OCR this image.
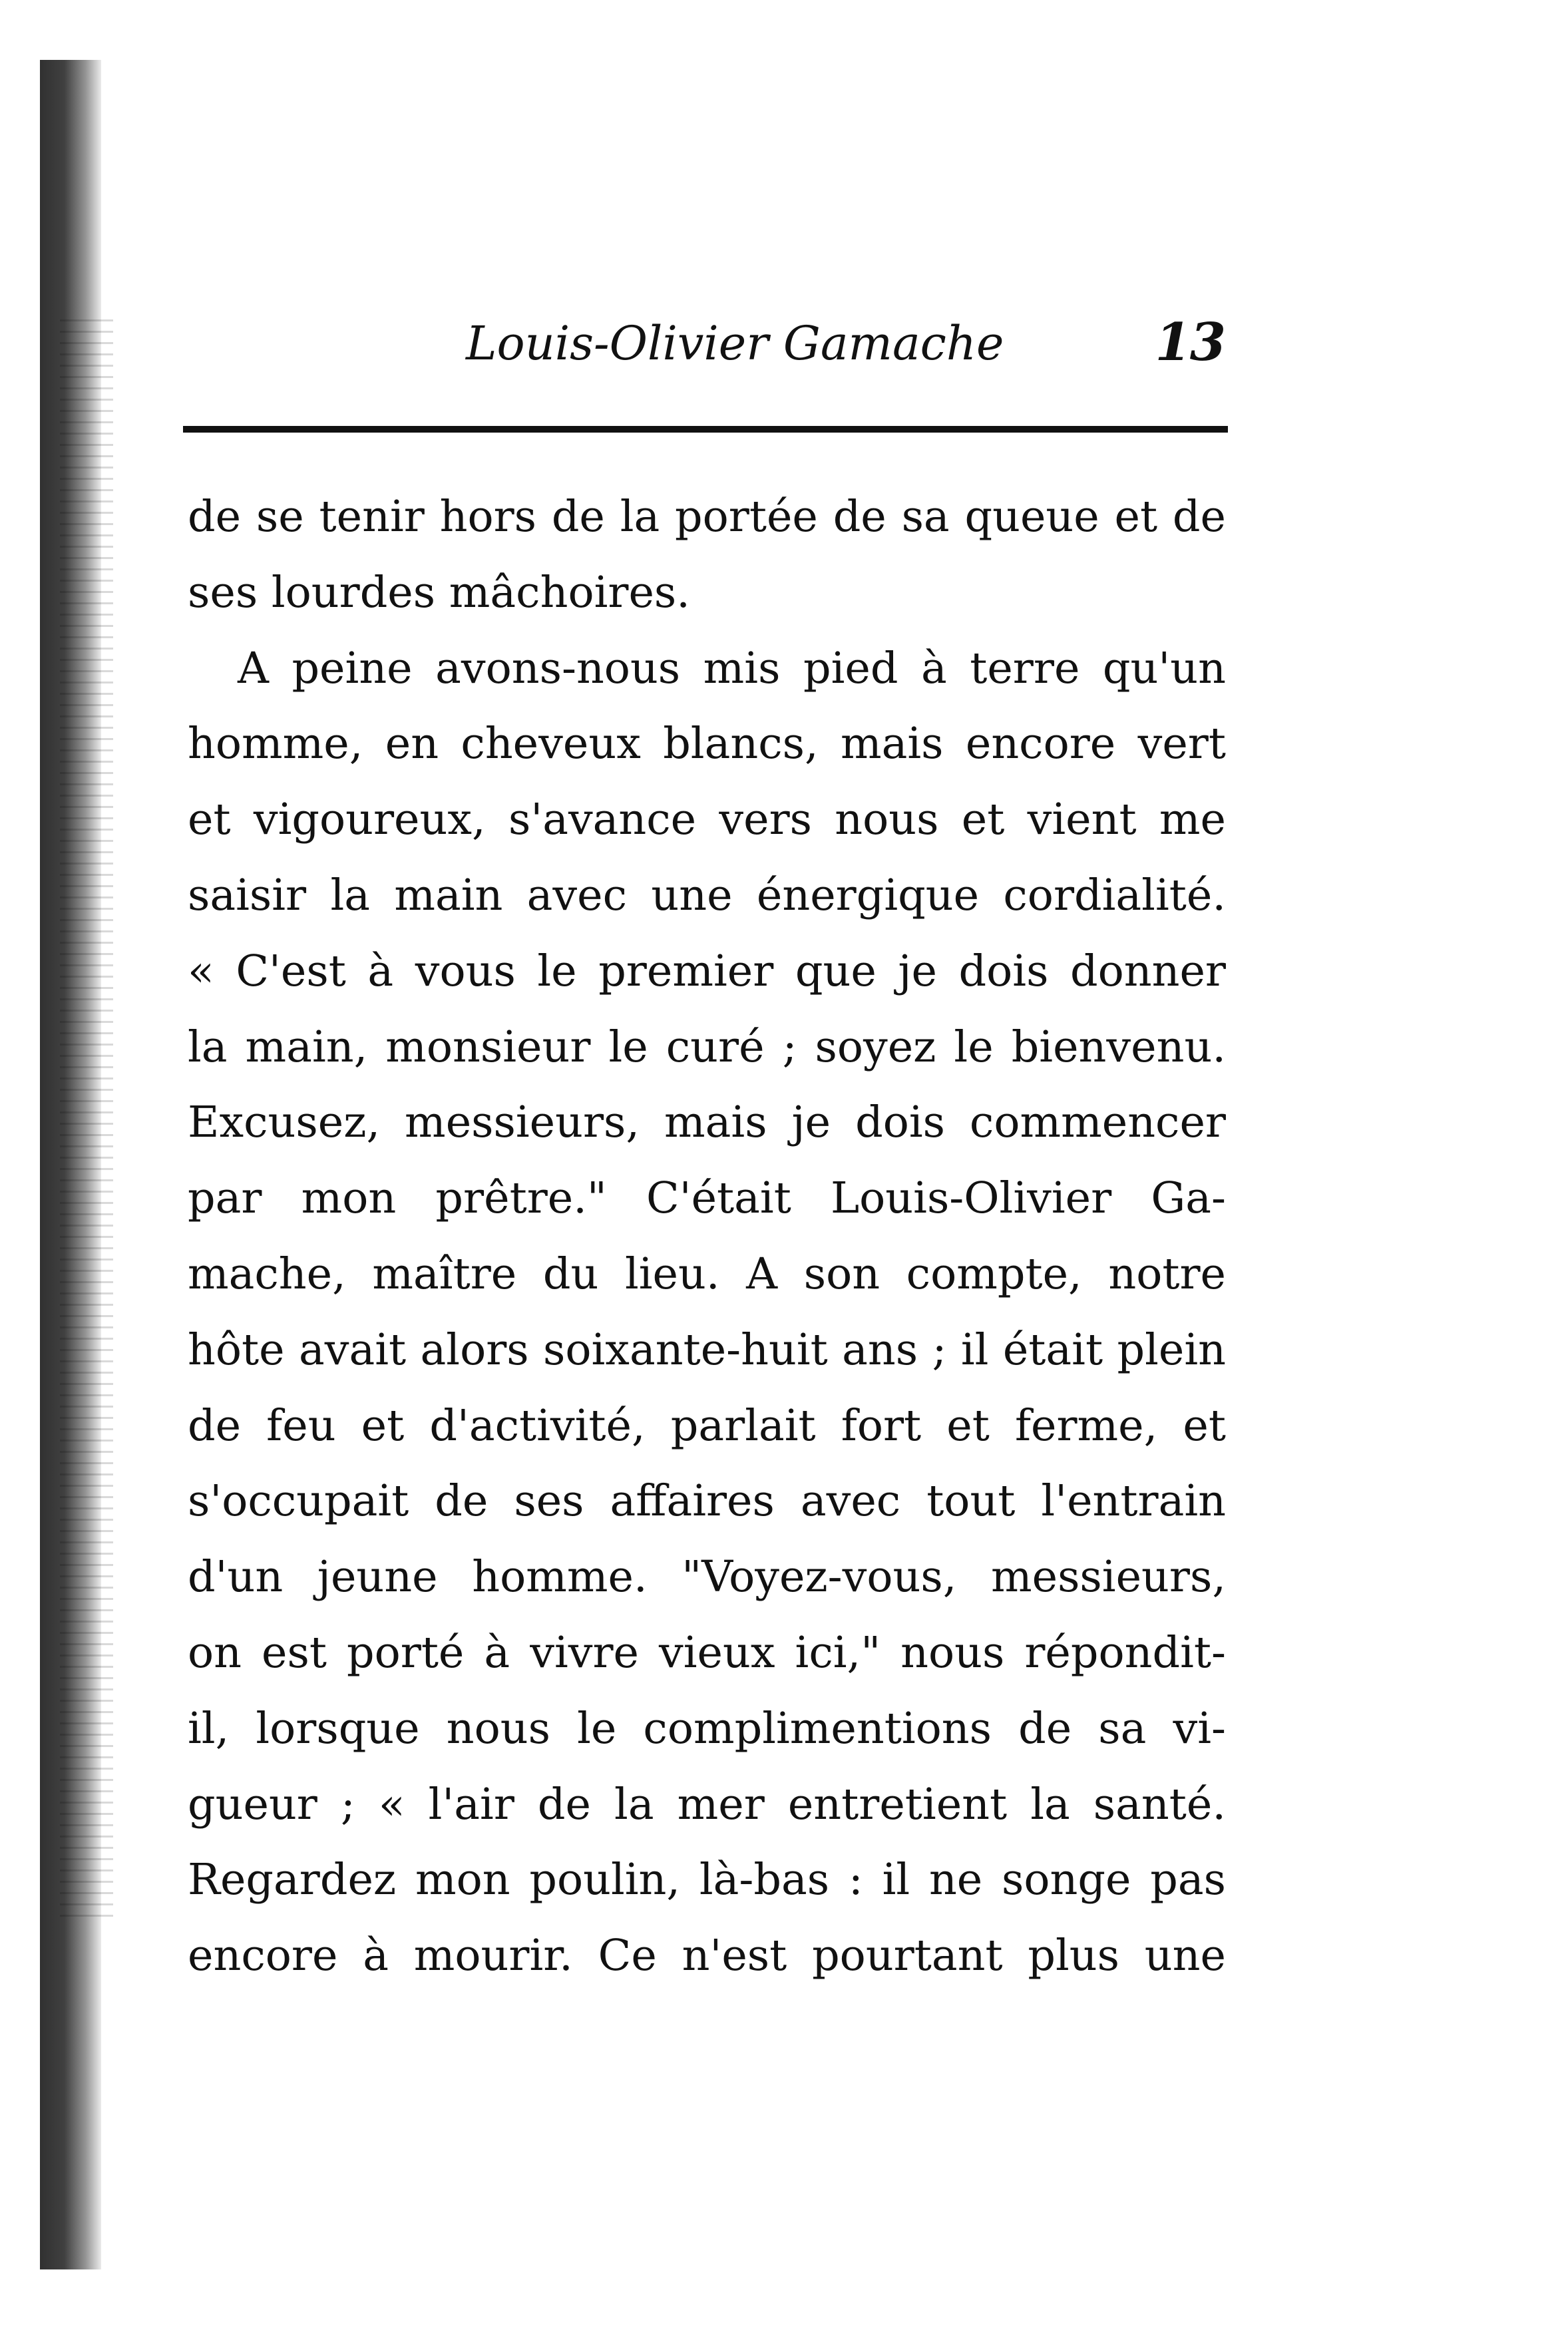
Louis-Olivier Gamache	13
de se tenir hors de la portée de sa queue et de
ses lourdes mâchoires.
A peine avons-nous mis pied à terre qu'un
homme, en cheveux blancs, mais encore vert
et vigoureux, s'avance vers nous et vient me
saisir la main avec une énergique cordialité.
« C'est à vous le premier que je dois donner
la main, monsieur le curé ; soyez le bienvenu.
Excusez, messieurs, mais je dois commencer
par mon prêtre." C'était Louis-Olivier Ga-
mache, maître du lieu. A son compte, notre
hôte avait alors soixante-huit ans ; il était plein
de feu et d'activité, parlait fort et ferme, et
s'occupait de ses affaires avec tout l'entrain
d'un jeune homme. "Voyez-vous, messieurs,
on est porté à vivre vieux ici," nous répondit-
il, lorsque nous le complimentions de sa vi-
gueur ; « l'air de la mer entretient la santé.
Regardez mon poulin, là-bas : il ne songe pas
encore à mourir. Ce n'est pourtant plus une
